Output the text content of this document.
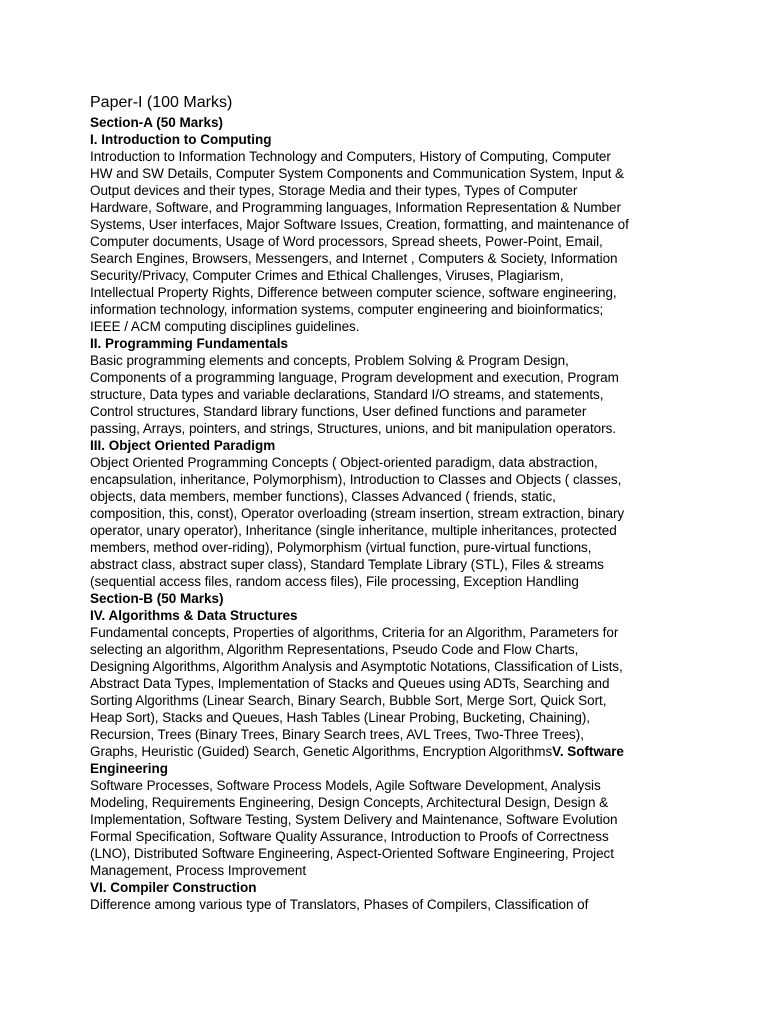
Paper-I (100 Marks)

Section-A (50 Marks)

I. Introduction to Computing

Introduction to Information Technology and Computers, History of Computing, Computer
HW and SW Details, Computer System Components and Communication System, Input &
Output devices and their types, Storage Media and their types, Types of Computer
Hardware, Software, and Programming languages, Information Representation & Number
Systems, User interfaces, Major Software Issues, Creation, formatting, and maintenance of
Computer documents, Usage of Word processors, Spread sheets, Power-Point, Email,
Search Engines, Browsers, Messengers, and Internet , Computers & Society, Information
Security/Privacy, Computer Crimes and Ethical Challenges, Viruses, Plagiarism,
Intellectual Property Rights, Difference between computer science, software engineering,
information technology, information systems, computer engineering and bioinformatics;
IEEE / ACM computing disciplines guidelines.

II. Programming Fundamentals

Basic programming elements and concepts, Problem Solving & Program Design,
Components of a programming language, Program development and execution, Program
structure, Data types and variable declarations, Standard I/O streams, and statements,
Control structures, Standard library functions, User defined functions and parameter
passing, Arrays, pointers, and strings, Structures, unions, and bit manipulation operators.

III. Object Oriented Paradigm

Object Oriented Programming Concepts ( Object-oriented paradigm, data abstraction,
encapsulation, inheritance, Polymorphism), Introduction to Classes and Objects ( classes,
objects, data members, member functions), Classes Advanced ( friends, static,
composition, this, const), Operator overloading (stream insertion, stream extraction, binary
operator, unary operator), Inheritance (single inheritance, multiple inheritances, protected
members, method over-riding), Polymorphism (virtual function, pure-virtual functions,
abstract class, abstract super class), Standard Template Library (STL), Files & streams
(sequential access files, random access files), File processing, Exception Handling

Section-B (50 Marks)

IV. Algorithms & Data Structures

Fundamental concepts, Properties of algorithms, Criteria for an Algorithm, Parameters for
selecting an algorithm, Algorithm Representations, Pseudo Code and Flow Charts,
Designing Algorithms, Algorithm Analysis and Asymptotic Notations, Classification of Lists,
Abstract Data Types, Implementation of Stacks and Queues using ADTs, Searching and
Sorting Algorithms (Linear Search, Binary Search, Bubble Sort, Merge Sort, Quick Sort,
Heap Sort), Stacks and Queues, Hash Tables (Linear Probing, Bucketing, Chaining),
Recursion, Trees (Binary Trees, Binary Search trees, AVL Trees, Two-Three Trees),
Graphs, Heuristic (Guided) Search, Genetic Algorithms, Encryption AlgorithmsV. Software

Engineering

Software Processes, Software Process Models, Agile Software Development, Analysis
Modeling, Requirements Engineering, Design Concepts, Architectural Design, Design &
Implementation, Software Testing, System Delivery and Maintenance, Software Evolution
Formal Specification, Software Quality Assurance, Introduction to Proofs of Correctness
(LNO), Distributed Software Engineering, Aspect-Oriented Software Engineering, Project
Management, Process Improvement

VI. Compiler Construction

Difference among various type of Translators, Phases of Compilers, Classification of
